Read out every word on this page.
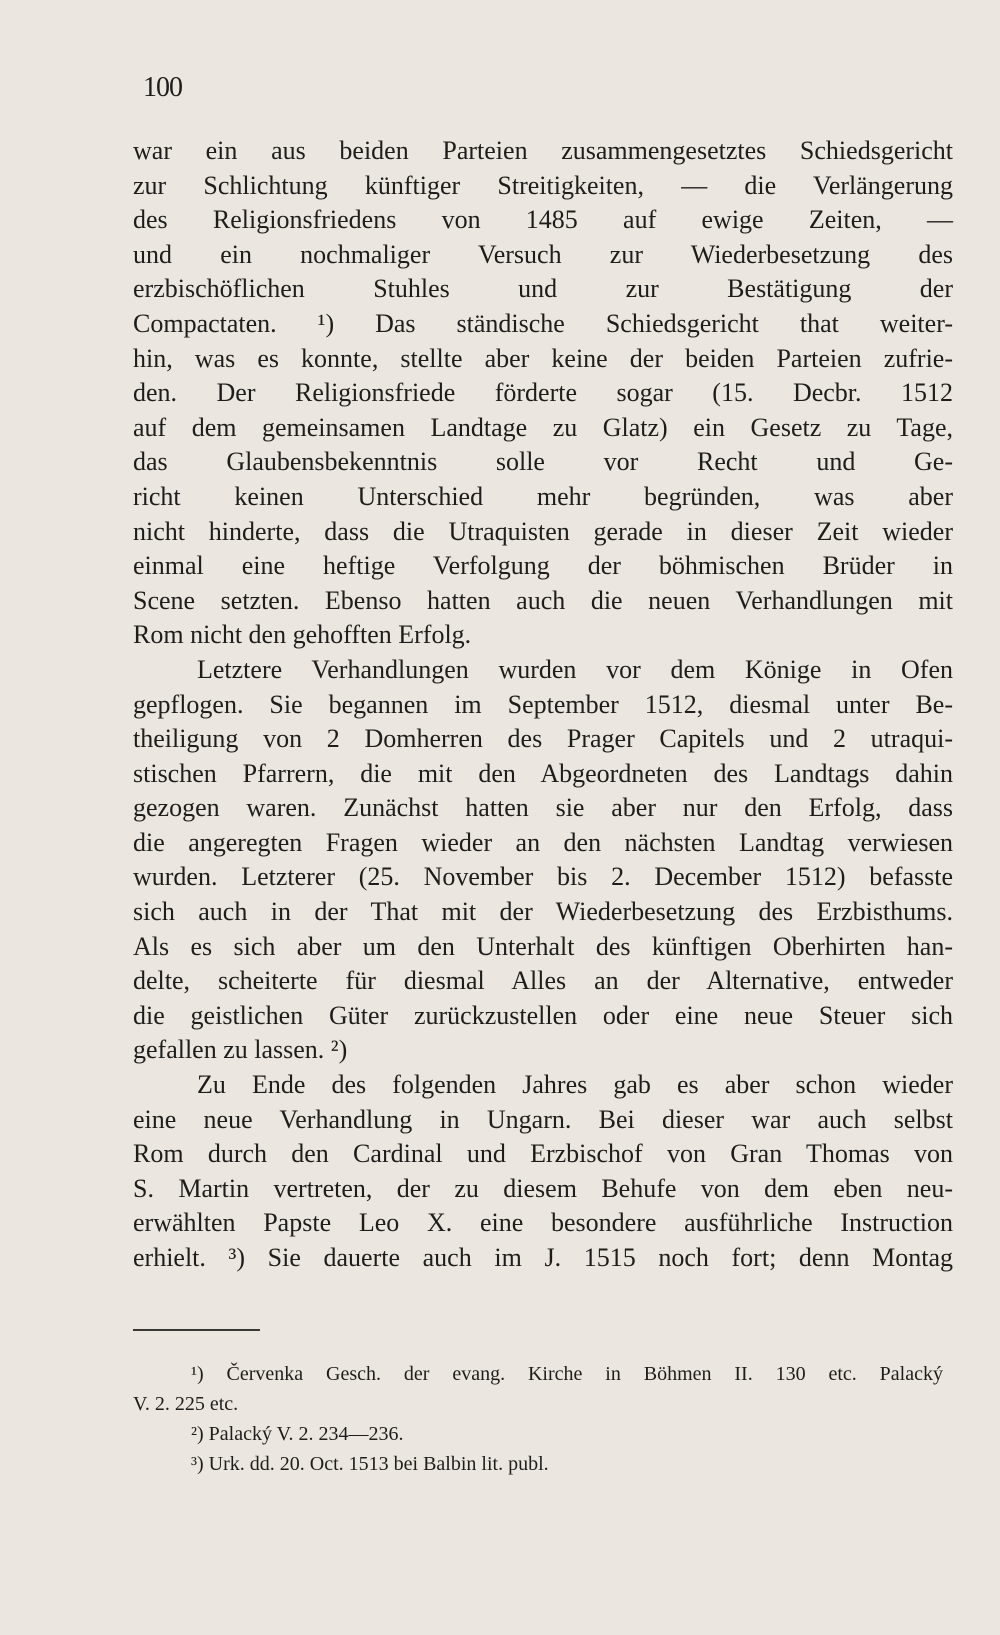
100
war ein aus beiden Parteien zusammengesetztes Schiedsgericht
zur Schlichtung künftiger Streitigkeiten, — die Verlängerung
des Religionsfriedens von 1485 auf ewige Zeiten, —
und ein nochmaliger Versuch zur Wiederbesetzung des
erzbischöflichen Stuhles und zur Bestätigung der
Compactaten. ¹) Das ständische Schiedsgericht that weiter-
hin, was es konnte, stellte aber keine der beiden Parteien zufrie-
den. Der Religionsfriede förderte sogar (15. Decbr. 1512
auf dem gemeinsamen Landtage zu Glatz) ein Gesetz zu Tage,
das Glaubensbekenntnis solle vor Recht und Ge-
richt keinen Unterschied mehr begründen, was aber
nicht hinderte, dass die Utraquisten gerade in dieser Zeit wieder
einmal eine heftige Verfolgung der böhmischen Brüder in
Scene setzten. Ebenso hatten auch die neuen Verhandlungen mit
Rom nicht den gehofften Erfolg.
Letztere Verhandlungen wurden vor dem Könige in Ofen
gepflogen. Sie begannen im September 1512, diesmal unter Be-
theiligung von 2 Domherren des Prager Capitels und 2 utraqui-
stischen Pfarrern, die mit den Abgeordneten des Landtags dahin
gezogen waren. Zunächst hatten sie aber nur den Erfolg, dass
die angeregten Fragen wieder an den nächsten Landtag verwiesen
wurden. Letzterer (25. November bis 2. December 1512) befasste
sich auch in der That mit der Wiederbesetzung des Erzbisthums.
Als es sich aber um den Unterhalt des künftigen Oberhirten han-
delte, scheiterte für diesmal Alles an der Alternative, entweder
die geistlichen Güter zurückzustellen oder eine neue Steuer sich
gefallen zu lassen. ²)
Zu Ende des folgenden Jahres gab es aber schon wieder
eine neue Verhandlung in Ungarn. Bei dieser war auch selbst
Rom durch den Cardinal und Erzbischof von Gran Thomas von
S. Martin vertreten, der zu diesem Behufe von dem eben neu-
erwählten Papste Leo X. eine besondere ausführliche Instruction
erhielt. ³) Sie dauerte auch im J. 1515 noch fort; denn Montag
¹) Červenka Gesch. der evang. Kirche in Böhmen II. 130 etc. Palacký
V. 2. 225 etc.
²) Palacký V. 2. 234—236.
³) Urk. dd. 20. Oct. 1513 bei Balbin lit. publ.
